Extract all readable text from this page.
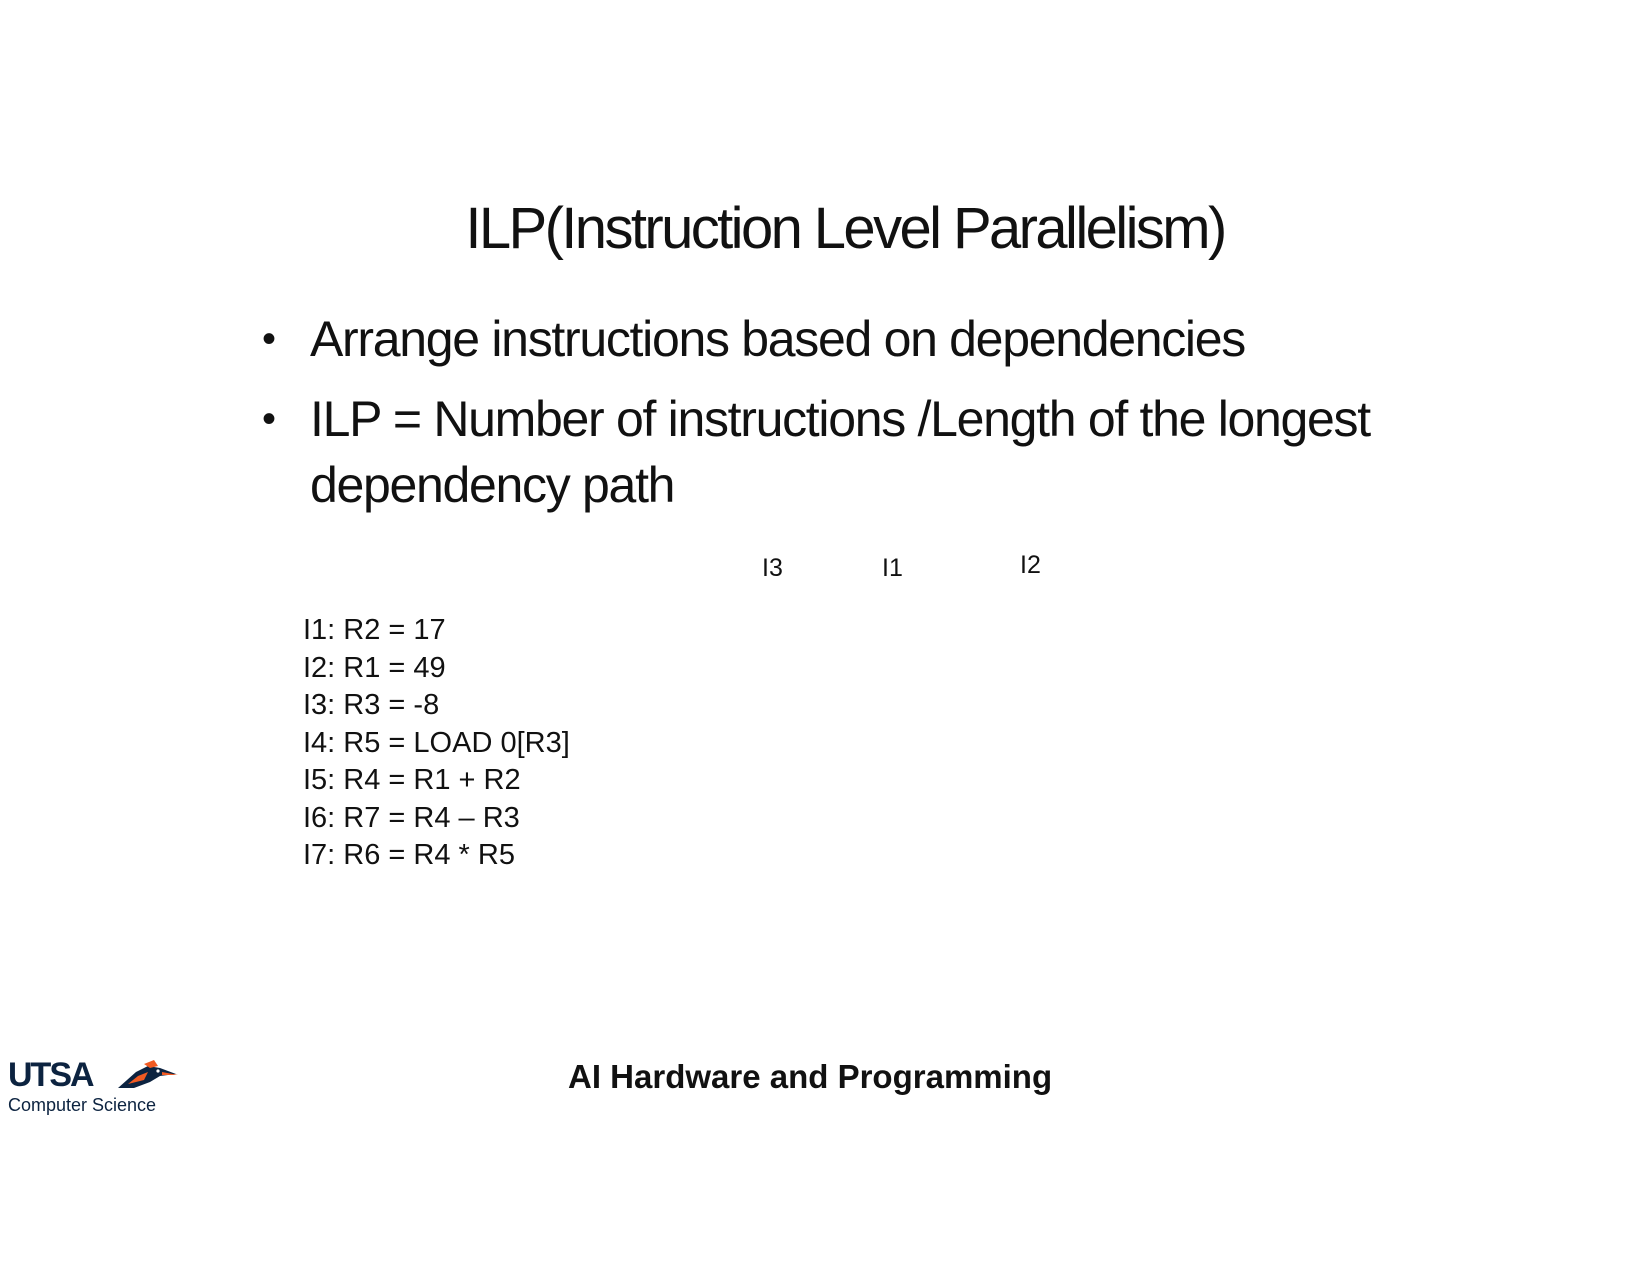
ILP(Instruction Level Parallelism)
• Arrange instructions based on dependencies
• ILP = Number of instructions /Length of the longest dependency path
I3	I1	I2
I1: R2 = 17
I2: R1 = 49
I3: R3 = -8
I4: R5 = LOAD 0[R3]
I5: R4 = R1 + R2
I6: R7 = R4 – R3
I7: R6 = R4 * R5
UTSA
Computer Science
AI Hardware and Programming
